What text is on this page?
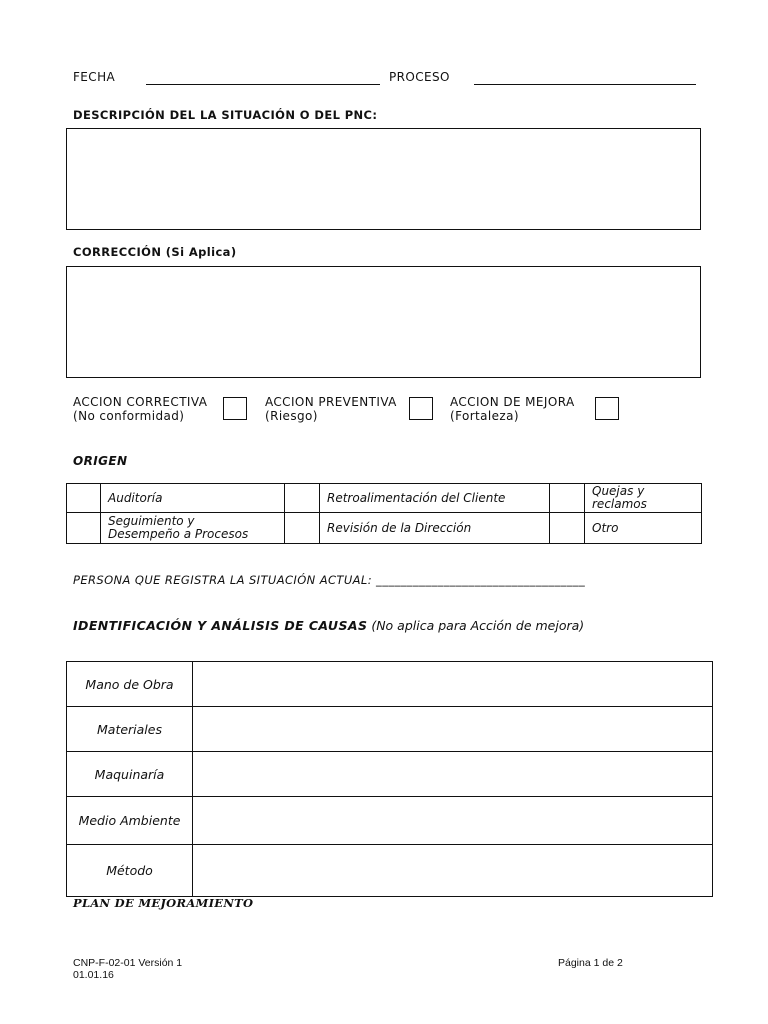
FECHA	PROCESO
DESCRIPCIÓN DEL LA SITUACIÓN O DEL PNC:
CORRECCIÓN (Si Aplica)
ACCION CORRECTIVA
(No conformidad)
ACCION PREVENTIVA
(Riesgo)
ACCION DE MEJORA
(Fortaleza)
ORIGEN

	Auditoría		Retroalimentación del Cliente		Quejas y reclamos

	Seguimiento y Desempeño a Procesos		Revisión de la Dirección		Otro
PERSONA QUE REGISTRA LA SITUACIÓN ACTUAL: __________________________________
IDENTIFICACIÓN Y ANÁLISIS DE CAUSAS (No aplica para Acción de mejora)
Mano de Obra	
Materiales	
Maquinaría	
Medio Ambiente	
Método	
PLAN DE MEJORAMIENTO
CNP-F-02-01 Versión 1
01.01.16
Página 1 de 2
